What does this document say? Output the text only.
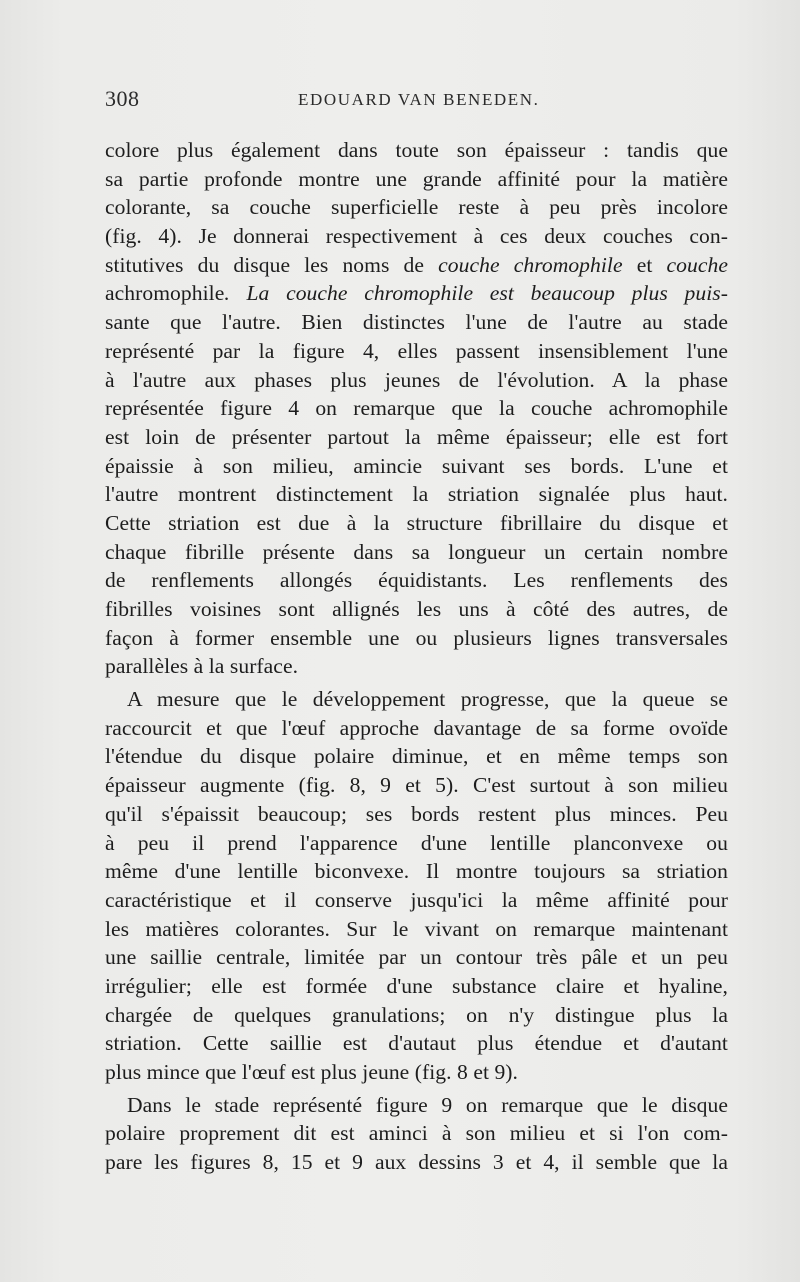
308	EDOUARD VAN BENEDEN.
colore plus également dans toute son épaisseur : tandis que
sa partie profonde montre une grande affinité pour la matière
colorante, sa couche superficielle reste à peu près incolore
(fig. 4). Je donnerai respectivement à ces deux couches con-
stitutives du disque les noms de couche chromophile et couche
achromophile. La couche chromophile est beaucoup plus puis-
sante que l'autre. Bien distinctes l'une de l'autre au stade
représenté par la figure 4, elles passent insensiblement l'une
à l'autre aux phases plus jeunes de l'évolution. A la phase
représentée figure 4 on remarque que la couche achromophile
est loin de présenter partout la même épaisseur; elle est fort
épaissie à son milieu, amincie suivant ses bords. L'une et
l'autre montrent distinctement la striation signalée plus haut.
Cette striation est due à la structure fibrillaire du disque et
chaque fibrille présente dans sa longueur un certain nombre
de renflements allongés équidistants. Les renflements des
fibrilles voisines sont allignés les uns à côté des autres, de
façon à former ensemble une ou plusieurs lignes transversales
parallèles à la surface.
A mesure que le développement progresse, que la queue se
raccourcit et que l'œuf approche davantage de sa forme ovoïde
l'étendue du disque polaire diminue, et en même temps son
épaisseur augmente (fig. 8, 9 et 5). C'est surtout à son milieu
qu'il s'épaissit beaucoup; ses bords restent plus minces. Peu
à peu il prend l'apparence d'une lentille planconvexe ou
même d'une lentille biconvexe. Il montre toujours sa striation
caractéristique et il conserve jusqu'ici la même affinité pour
les matières colorantes. Sur le vivant on remarque maintenant
une saillie centrale, limitée par un contour très pâle et un peu
irrégulier; elle est formée d'une substance claire et hyaline,
chargée de quelques granulations; on n'y distingue plus la
striation. Cette saillie est d'autaut plus étendue et d'autant
plus mince que l'œuf est plus jeune (fig. 8 et 9).
Dans le stade représenté figure 9 on remarque que le disque
polaire proprement dit est aminci à son milieu et si l'on com-
pare les figures 8, 15 et 9 aux dessins 3 et 4, il semble que la
